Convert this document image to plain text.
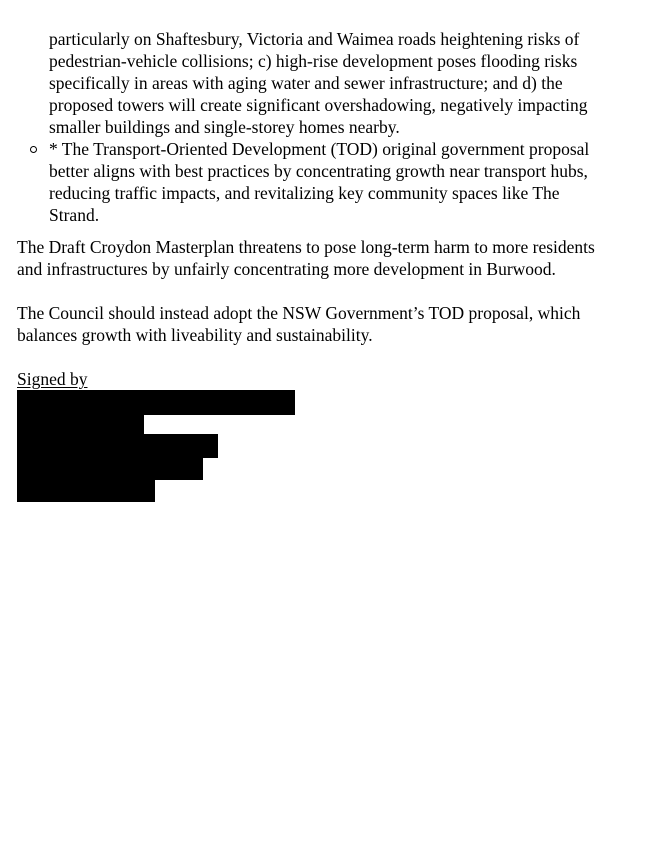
particularly on Shaftesbury, Victoria and Waimea roads heightening risks of
pedestrian-vehicle collisions; c) high-rise development poses flooding risks
specifically in areas with aging water and sewer infrastructure; and d) the
proposed towers will create significant overshadowing, negatively impacting
smaller buildings and single-storey homes nearby.
* The Transport-Oriented Development (TOD) original government proposal
better aligns with best practices by concentrating growth near transport hubs,
reducing traffic impacts, and revitalizing key community spaces like The
Strand.

The Draft Croydon Masterplan threatens to pose long-term harm to more residents
and infrastructures by unfairly concentrating more development in Burwood.

The Council should instead adopt the NSW Government’s TOD proposal, which
balances growth with liveability and sustainability.

Signed by
